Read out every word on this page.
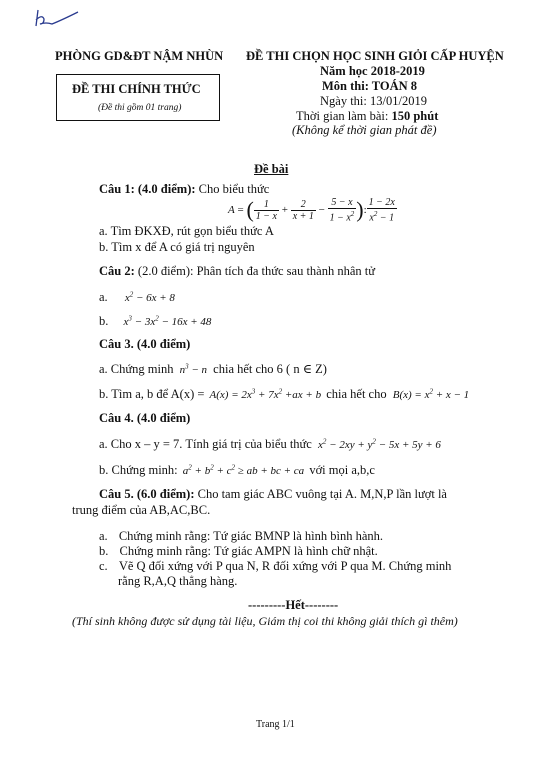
PHÒNG GD&ĐT NẬM NHÙN
ĐỀ THI CHÍNH THỨC
(Đề thi gồm 01 trang)
ĐỀ THI CHỌN HỌC SINH GIỎI CẤP HUYỆN
Năm học 2018-2019
Môn thi: TOÁN 8
Ngày thi: 13/01/2019
Thời gian làm bài: 150 phút
(Không kể thời gian phát đề)
Đề bài
Câu 1: (4.0 điểm): Cho biểu thức
A = ( $\frac{1}{1 - x} + \frac{2}{x + 1} - \frac{5 - x}{1 - x^2}$ ): $\frac{1 - 2x}{x^2 - 1}$
a. Tìm ĐKXĐ, rút gọn biểu thức A
b. Tìm x để A có giá trị nguyên
Câu 2: (2.0 điểm): Phân tích đa thức sau thành nhân tử
a. $x^2 - 6x + 8$
b. $x^3 - 3x^2 - 16x + 48$
Câu 3. (4.0 điểm)
a. Chứng minh $n^3 - n$ chia hết cho 6 ( n ∈ Z)
b. Tìm a, b để $A(x) = A(x) = 2x^3 + 7x^2 +ax + b$ chia hết cho $B(x) = x^2 + x - 1$
Câu 4. (4.0 điểm)
a. Cho x – y = 7. Tính giá trị của biểu thức $x^2 - 2xy + y^2 - 5x + 5y + 6$
b. Chứng minh: $a^2 + b^2 + c^2$ ≥ ab + bc + ca với mọi a,b,c
Câu 5. (6.0 điểm): Cho tam giác ABC vuông tại A. M,N,P lần lượt là
trung điểm của AB,AC,BC.
a. Chứng minh rằng: Tứ giác BMNP là hình bình hành.
b. Chứng minh rằng: Tứ giác AMPN là hình chữ nhật.
c. Vẽ Q đối xứng với P qua N, R đối xứng với P qua M. Chứng minh
rằng R,A,Q thẳng hàng.
---------Hết--------
(Thí sinh không được sử dụng tài liệu, Giám thị coi thi không giải thích gì thêm)
Trang 1/1
